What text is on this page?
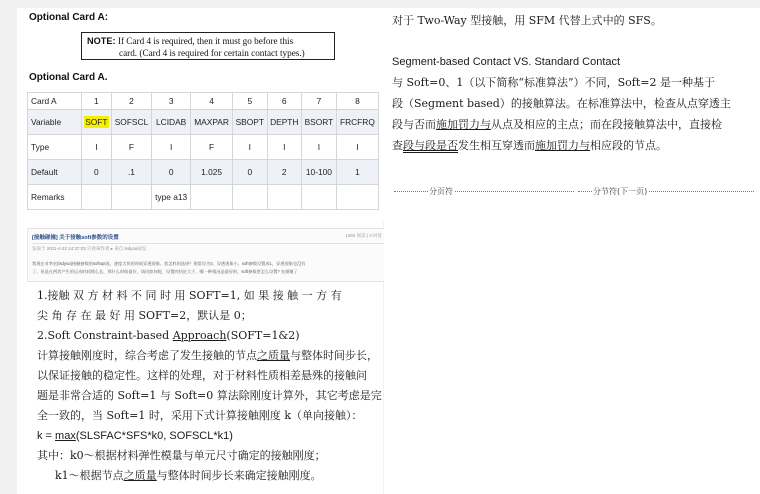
Optional Card A:
NOTE: If Card 4 is required, then it must go before this
card. (Card 4 is required for certain contact types.)
Optional Card A.
Card A	1	2	3	4	5	6	7	8
Variable	SOFT	SOFSCL	LCIDAB	MAXPAR	SBOPT	DEPTH	BSORT	FRCFRQ
Type	I	F	I	F	I	I	I	I
Default	0	.1	0	1.025	0	2	10-100	1
Remarks			type a13					
[接触碰撞] 关于接触soft参数的设置	1960 阅读 | 3 回复
发表于 2011-4-22 14:37:03 只看该作者 ▸ 来自 lsdyna论坛
我现在对李宏(lsdyna)接触参数的softopt选，速度太快的时候穿透现象。您怎样的选择？照常设为0，穿透现象小。soft参数设置成1，穿透现象也没有
了。但是在两者产生的运动时间那么长，那什么时候最好，请问如何呢，设置的结论大于，哪一种情况是最好的，soft参数要怎么设置? 先谢谢了
1.接触 双 方 材 料 不 同 时 用 SOFT=1, 如 果 接 触 一 方 有
尖 角 存 在 最 好 用 SOFT=2，默认是 0；
2.Soft Constraint-based Approach(SOFT=1&2)
计算接触刚度时，综合考虑了发生接触的节点之质量与整体时间步长，
以保证接触的稳定性。这样的处理，对于材料性质相差悬殊的接触问
题是非常合适的 Soft=1 与 Soft=0 算法除刚度计算外，其它考虑是完
全一致的，当 Soft=1 时，采用下式计算接触刚度 k（单向接触）：
k = max(SLSFAC*SFS*k0, SOFSCL*k1)
其中：k0～根据材料弹性模量与单元尺寸确定的接触刚度；
k1～根据节点之质量与整体时间步长来确定接触刚度。
对于 Two-Way 型接触，用 SFM 代替上式中的 SFS。
Segment-based Contact VS. Standard Contact
与 Soft=0、1（以下简称“标准算法”）不同，Soft=2 是一种基于
段（Segment based）的接触算法。在标准算法中，检查从点穿透主
段与否而施加罚力与从点及相应的主点；而在段接触算法中，直接检
查段与段是否发生相互穿透而施加罚力与相应段的节点。
分页符	分节符(下一页)
